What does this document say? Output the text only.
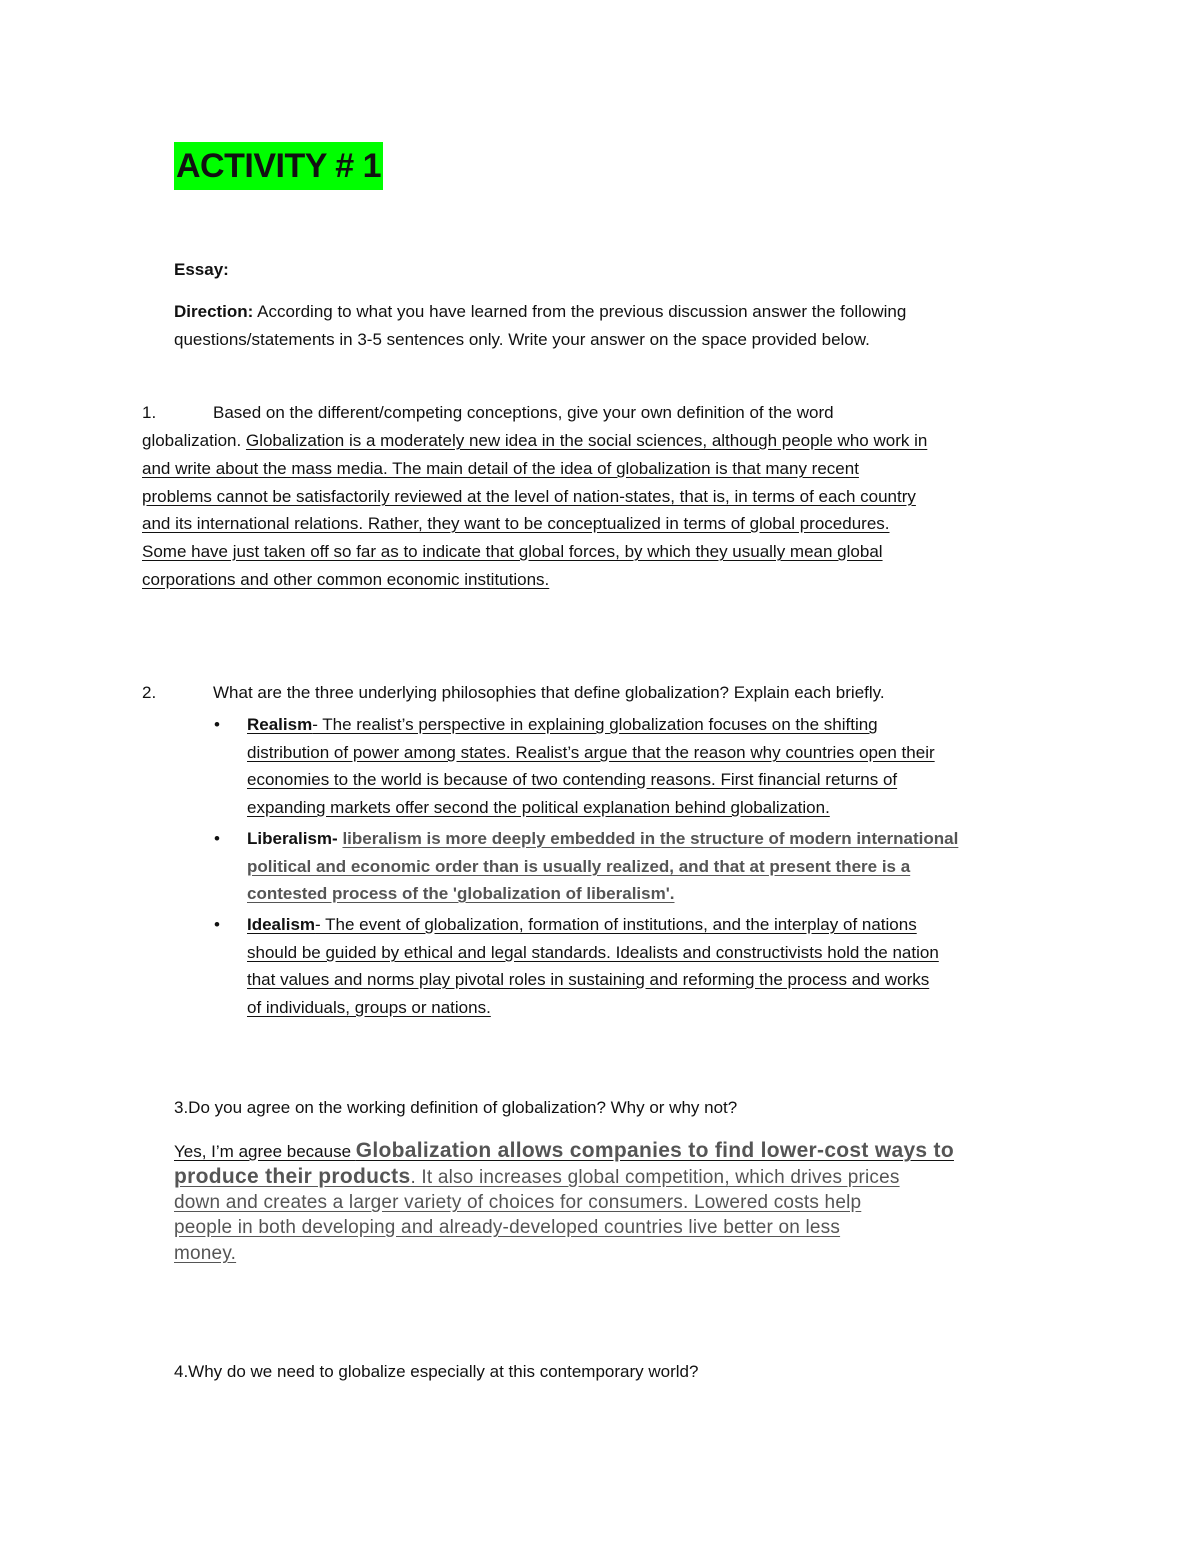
ACTIVITY # 1
Essay:
Direction: According to what you have learned from the previous discussion answer the following
questions/statements in 3-5 sentences only. Write your answer on the space provided below.
1.	Based on the different/competing conceptions, give your own definition of the word
globalization. Globalization is a moderately new idea in the social sciences, although people who work in
and write about the mass media. The main detail of the idea of globalization is that many recent
problems cannot be satisfactorily reviewed at the level of nation-states, that is, in terms of each country
and its international relations. Rather, they want to be conceptualized in terms of global procedures.
Some have just taken off so far as to indicate that global forces, by which they usually mean global
corporations and other common economic institutions.
2.	What are the three underlying philosophies that define globalization? Explain each briefly.
• Realism- The realist’s perspective in explaining globalization focuses on the shifting
distribution of power among states. Realist’s argue that the reason why countries open their
economies to the world is because of two contending reasons. First financial returns of
expanding markets offer second the political explanation behind globalization.
• Liberalism- liberalism is more deeply embedded in the structure of modern international
political and economic order than is usually realized, and that at present there is a
contested process of the 'globalization of liberalism'.
• Idealism- The event of globalization, formation of institutions, and the interplay of nations
should be guided by ethical and legal standards. Idealists and constructivists hold the nation
that values and norms play pivotal roles in sustaining and reforming the process and works
of individuals, groups or nations.
3.Do you agree on the working definition of globalization? Why or why not?
Yes, I’m agree because Globalization allows companies to find lower-cost ways to
produce their products. It also increases global competition, which drives prices
down and creates a larger variety of choices for consumers. Lowered costs help
people in both developing and already-developed countries live better on less
money.
4.Why do we need to globalize especially at this contemporary world?
